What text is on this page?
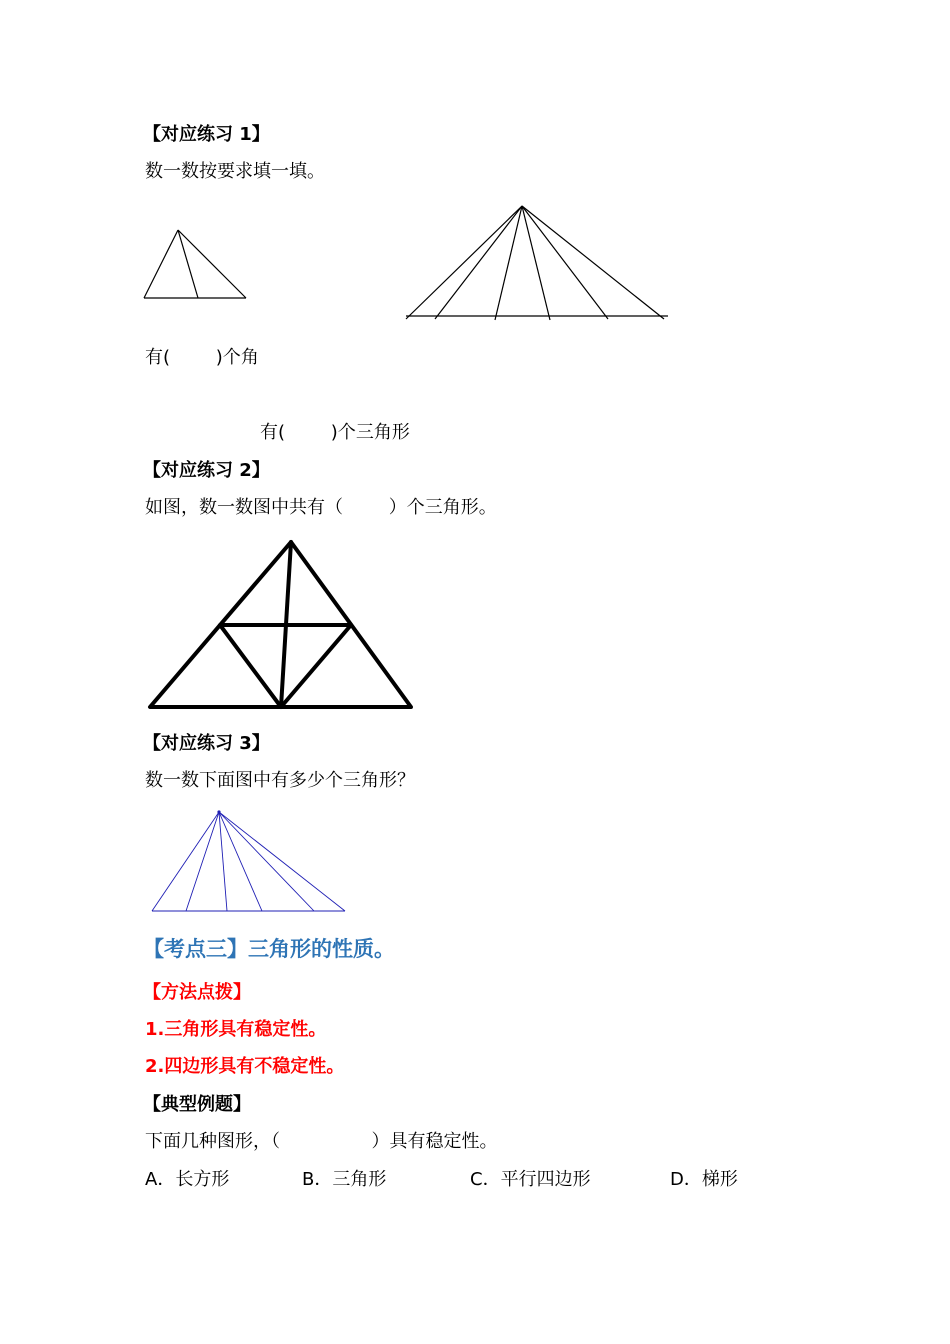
【对应练习 1】
数一数按要求填一填。
有(        )个角
有(        )个三角形
【对应练习 2】
如图，数一数图中共有（        ）个三角形。
【对应练习 3】
数一数下面图中有多少个三角形？
【考点三】三角形的性质。
【方法点拨】
1.三角形具有稳定性。
2.四边形具有不稳定性。
【典型例题】
下面几种图形，（                ）具有稳定性。
A．长方形	B．三角形	C．平行四边形	D．梯形
